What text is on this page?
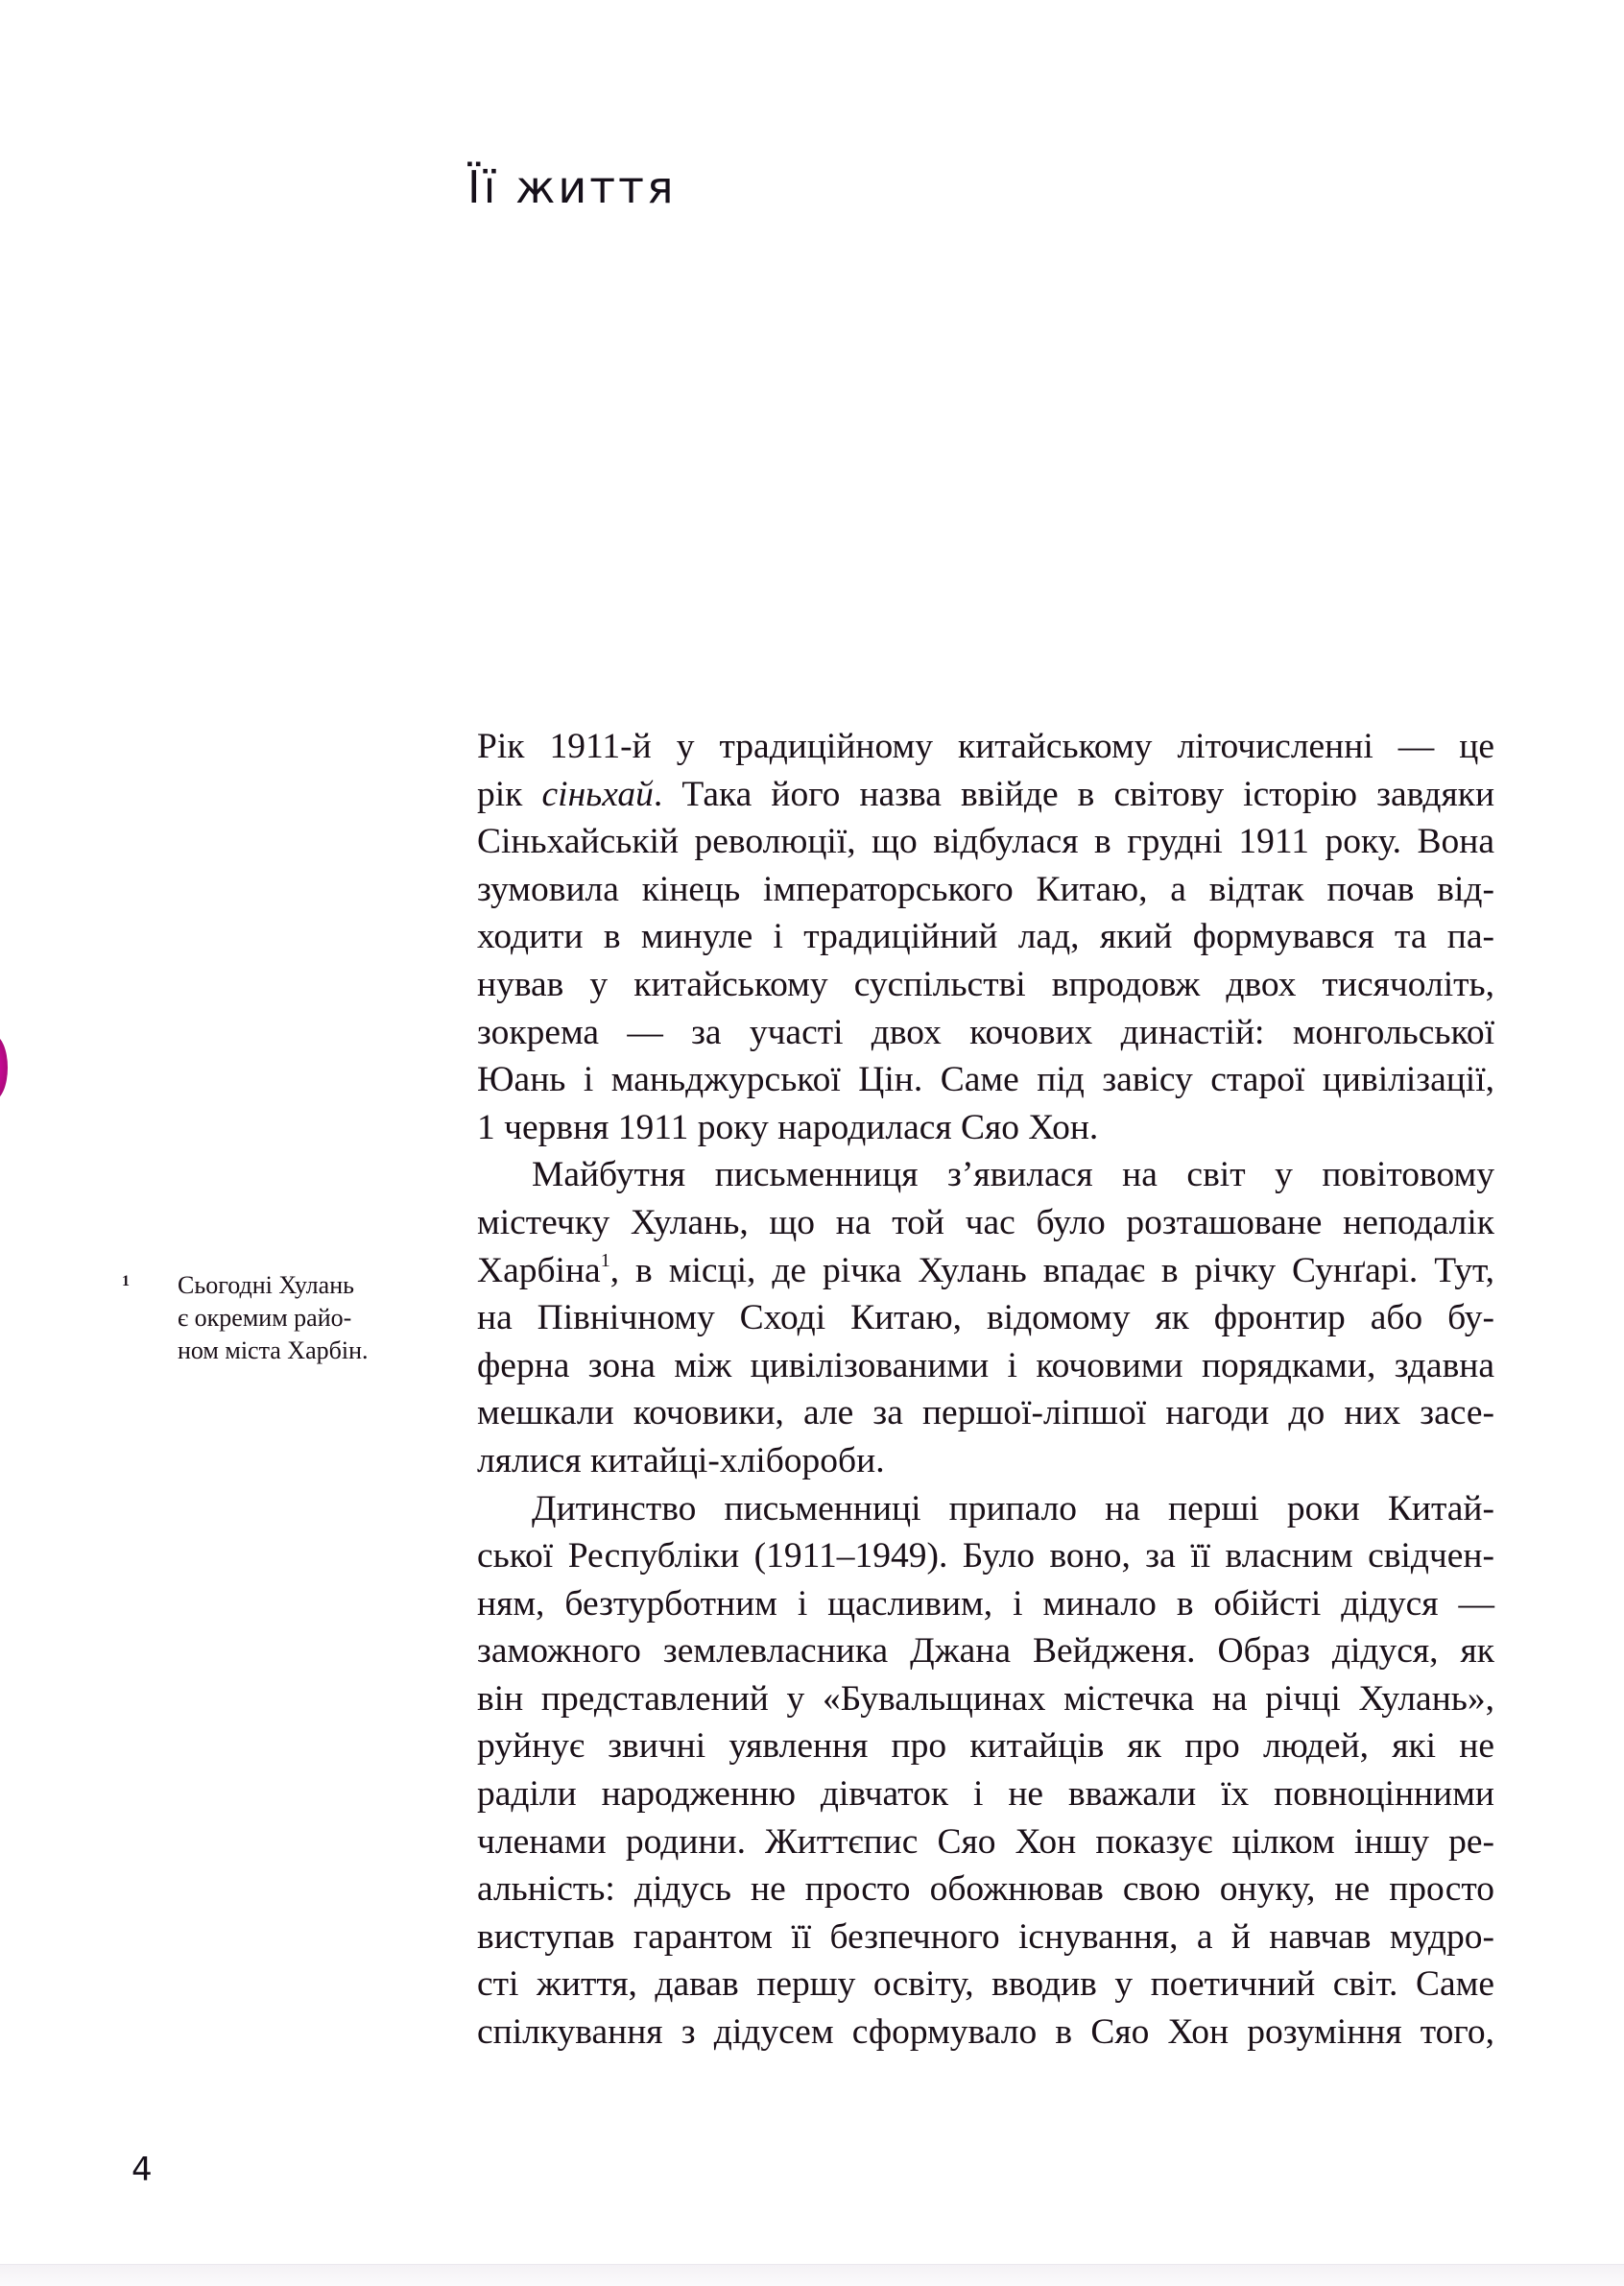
Її життя
Рік 1911-й у традиційному китайському літочисленні — це
рік сіньхай. Така його назва ввійде в світову історію завдяки
Сіньхайській революції, що відбулася в грудні 1911 року. Вона
зумовила кінець імператорського Китаю, а відтак почав від-
ходити в минуле і традиційний лад, який формувався та па-
нував у китайському суспільстві впродовж двох тисячоліть,
зокрема — за участі двох кочових династій: монгольської
Юань і маньджурської Цін. Саме під завісу старої цивілізації,
1 червня 1911 року народилася Сяо Хон.
Майбутня письменниця з’явилася на світ у повітовому
містечку Хулань, що на той час було розташоване неподалік
Харбіна$^1$, в місці, де річка Хулань впадає в річку Сунґарі. Тут,
на Північному Сході Китаю, відомому як фронтир або бу-
ферна зона між цивілізованими і кочовими порядками, здавна
мешкали кочовики, але за першої-ліпшої нагоди до них засе-
лялися китайці-хлібороби.
Дитинство письменниці припало на перші роки Китай-
ської Республіки (1911–1949). Було воно, за її власним свідчен-
ням, безтурботним і щасливим, і минало в обійсті дідуся —
заможного землевласника Джана Вейдженя. Образ дідуся, як
він представлений у «Бувальщинах містечка на річці Хулань»,
руйнує звичні уявлення про китайців як про людей, які не
раділи народженню дівчаток і не вважали їх повноцінними
членами родини. Життєпис Сяо Хон показує цілком іншу ре-
альність: дідусь не просто обожнював свою онуку, не просто
виступав гарантом її безпечного існування, а й навчав мудро-
сті життя, давав першу освіту, вводив у поетичний світ. Саме
спілкування з дідусем сформувало в Сяо Хон розуміння того,
1 Сьогодні Хулань
є окремим райо-
ном міста Харбін.
4
